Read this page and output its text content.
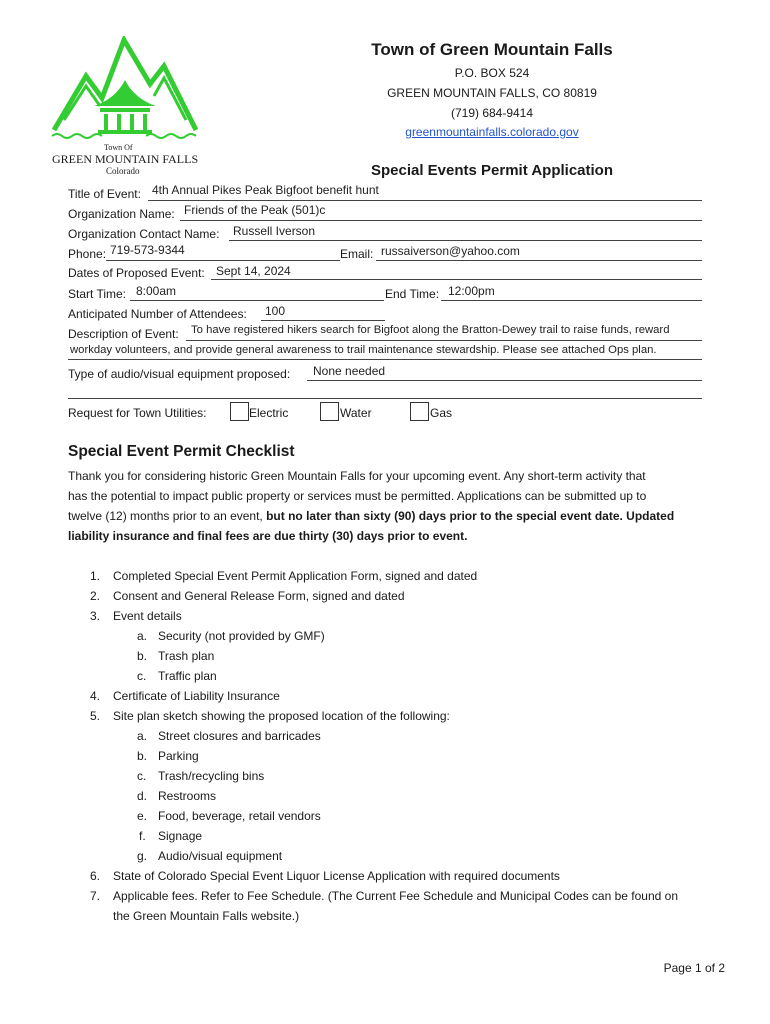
Town Of
GREEN MOUNTAIN FALLS
Colorado
Town of Green Mountain Falls
P.O. BOX 524
GREEN MOUNTAIN FALLS, CO 80819
(719) 684-9414
greenmountainfalls.colorado.gov
Special Events Permit Application
Title of Event: 4th Annual Pikes Peak Bigfoot benefit hunt
Organization Name: Friends of the Peak (501)c
Organization Contact Name: Russell Iverson
Phone: 719-573-9344	Email: russaiverson@yahoo.com
Dates of Proposed Event: Sept 14, 2024
Start Time: 8:00am	End Time: 12:00pm
Anticipated Number of Attendees: 100
Description of Event: To have registered hikers search for Bigfoot along the Bratton-Dewey trail to raise funds, reward
workday volunteers, and provide general awareness to trail maintenance stewardship. Please see attached Ops plan.
Type of audio/visual equipment proposed: None needed
Request for Town Utilities:	Electric	Water	Gas
Special Event Permit Checklist
Thank you for considering historic Green Mountain Falls for your upcoming event. Any short-term activity that
has the potential to impact public property or services must be permitted. Applications can be submitted up to
twelve (12) months prior to an event, but no later than sixty (90) days prior to the special event date. Updated
liability insurance and final fees are due thirty (30) days prior to event.
1. Completed Special Event Permit Application Form, signed and dated
2. Consent and General Release Form, signed and dated
3. Event details
a. Security (not provided by GMF)
b. Trash plan
c. Traffic plan
4. Certificate of Liability Insurance
5. Site plan sketch showing the proposed location of the following:
a. Street closures and barricades
b. Parking
c. Trash/recycling bins
d. Restrooms
e. Food, beverage, retail vendors
f. Signage
g. Audio/visual equipment
6. State of Colorado Special Event Liquor License Application with required documents
7. Applicable fees. Refer to Fee Schedule. (The Current Fee Schedule and Municipal Codes can be found on
the Green Mountain Falls website.)
Page 1 of 2
